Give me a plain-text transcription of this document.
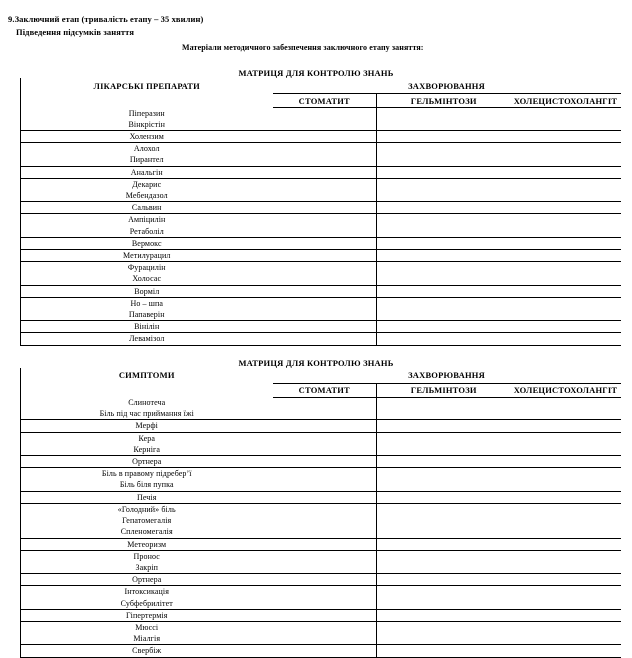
9.Заключний етап (тривалість етапу – 35 хвилин)
Підведення підсумків заняття
Матеріали методичного забезпечення заключного етапу заняття:
МАТРИЦЯ ДЛЯ КОНТРОЛЮ ЗНАНЬ
ЛІКАРСЬКІ ПРЕПАРАТИ	ЗАХВОРЮВАННЯ		
	СТОМАТИТ	ГЕЛЬМІНТОЗИ	ХОЛЕЦИСТОХОЛАНГІТ

Піперазин
Вінкрістін			

Холензим			

Алохол
Пирантел			

Анальгін			

Декарис
Мебендазол			

Сальвин			

Ампіцилін
Ретаболіл			

Вермокс			

Метилурацил			

Фурацилін
Холосас			

Вормiл			

Но – шпа
Папаверін			

Вінілін			

Левамізол			

МАТРИЦЯ ДЛЯ КОНТРОЛЮ ЗНАНЬ
СИМПТОМИ	ЗАХВОРЮВАННЯ		
	СТОМАТИТ	ГЕЛЬМІНТОЗИ	ХОЛЕЦИСТОХОЛАНГІТ

Слинотеча
Біль під час приймання їжі			

Мерфі			

Кера
Керніга			

Ортнера			

Біль в правому підребер’ї
Біль біля пупка			

Печія			

«Голодний» біль
Гепатомегалія
Спленомегалія			

Метеоризм			

Пронос
Закріп			

Ортнера			

Інтоксикація
Субфебрилітет			

Гіпертермія			

Мюссі
Міалгія			

Свербіж			
